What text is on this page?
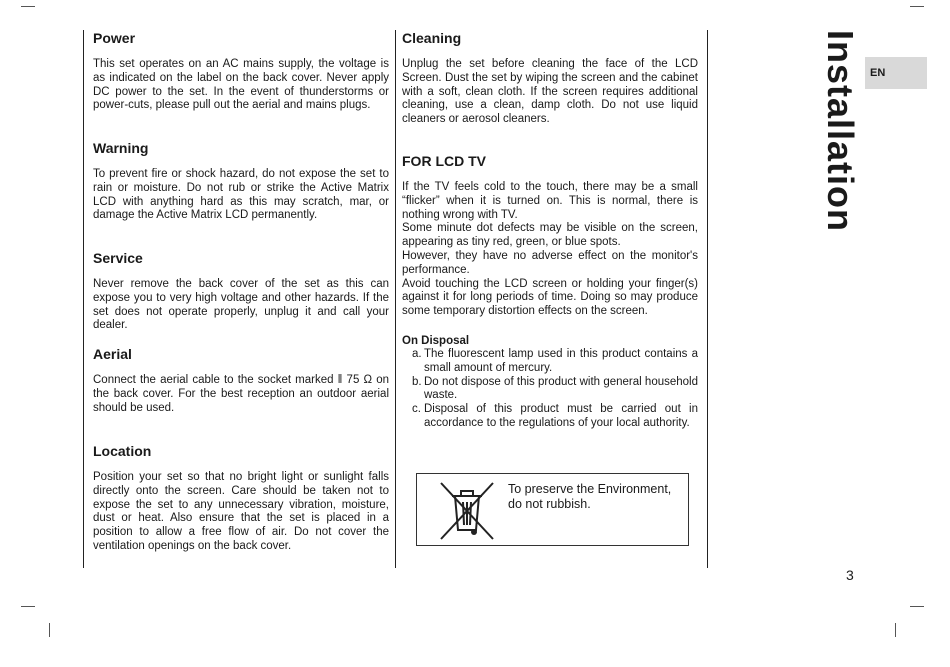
Power

This set operates on an AC mains supply, the voltage is as indicated on the label on the back cover. Never apply DC power to the set. In the event of thunderstorms or power-cuts, please pull out the aerial and mains plugs.

Warning

To prevent fire or shock hazard, do not expose the set to rain or moisture. Do not rub or strike the Active Matrix LCD with anything hard as this may scratch, mar, or damage the Active Matrix LCD permanently.

Service

Never remove the back cover of the set as this can expose you to very high voltage and other hazards. If the set does not operate properly, unplug it and call your dealer.

Aerial

Connect the aerial cable to the socket marked ‖ 75 Ω on the back cover. For the best reception an outdoor aerial should be used.

Location

Position your set so that no bright light or sunlight falls directly onto the screen. Care should be taken not to expose the set to any unnecessary vibration, moisture, dust or heat. Also ensure that the set is placed in a position to allow a free flow of air. Do not cover the ventilation openings on the back cover.

Cleaning

Unplug the set before cleaning the face of the LCD Screen. Dust the set by wiping the screen and the cabinet with a soft, clean cloth. If the screen requires additional cleaning, use a clean, damp cloth. Do not use liquid cleaners or aerosol cleaners.

FOR LCD TV

If the TV feels cold to the touch, there may be a small “flicker” when it is turned on. This is normal, there is nothing wrong with TV.

Some minute dot defects may be visible on the screen, appearing as tiny red, green, or blue spots.

However, they have no adverse effect on the monitor's performance.

Avoid touching the LCD screen or holding your finger(s) against it for long periods of time. Doing so may produce some temporary distortion effects on the screen.

On Disposal
a. The fluorescent lamp used in this product contains a small amount of mercury.
b. Do not dispose of this product with general household waste.
c. Disposal of this product must be carried out in accordance to the regulations of your local authority.
To preserve the Environment,
do not rubbish.
Installation EN
3
